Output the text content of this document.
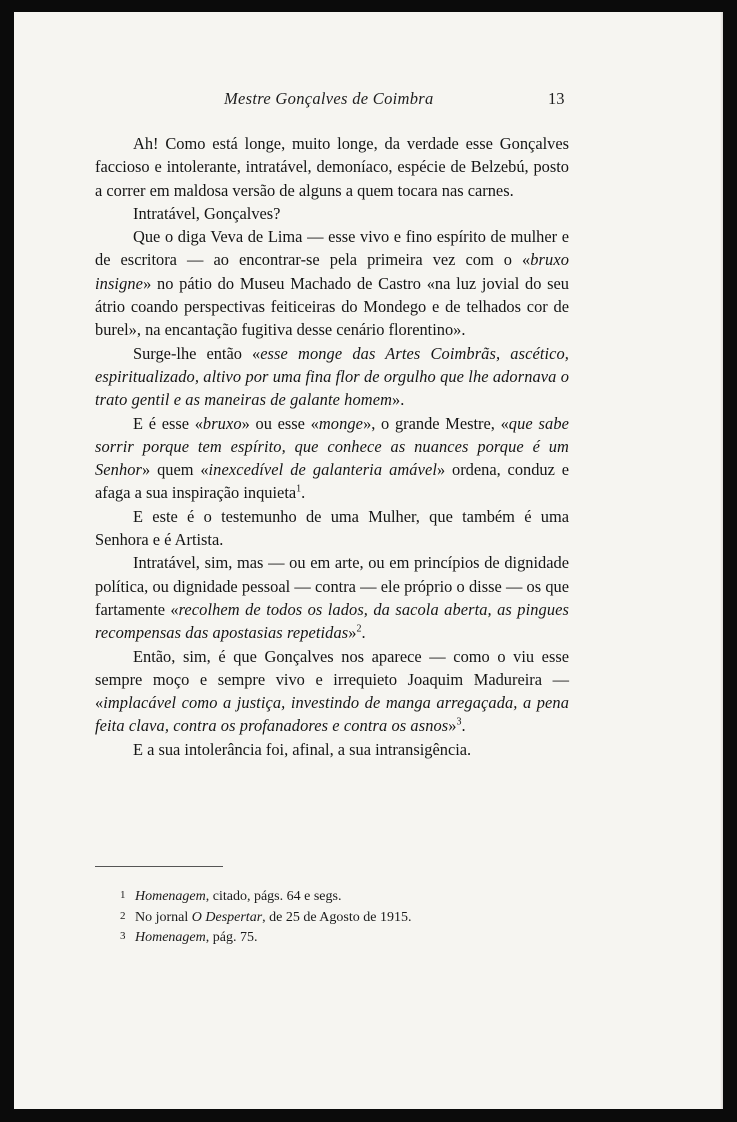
Mestre Gonçalves de Coimbra	13

Ah! Como está longe, muito longe, da verdade esse Gonçalves faccioso e intolerante, intratável, demoníaco, espécie de Belzebú, posto a correr em maldosa versão de alguns a quem tocara nas carnes.

Intratável, Gonçalves?

Que o diga Veva de Lima — esse vivo e fino espírito de mulher e de escritora — ao encontrar-se pela primeira vez com o «bruxo insigne» no pátio do Museu Machado de Castro «na luz jovial do seu átrio coando perspectivas feiticeiras do Mondego e de telhados cor de burel», na encantação fugitiva desse cenário florentino».

Surge-lhe então «esse monge das Artes Coimbrãs, ascético, espiritualizado, altivo por uma fina flor de orgulho que lhe adornava o trato gentil e as maneiras de galante homem».

E é esse «bruxo» ou esse «monge», o grande Mestre, «que sabe sorrir porque tem espírito, que conhece as nuances porque é um Senhor» quem «inexcedível de galanteria amável» ordena, conduz e afaga a sua inspiração inquieta$^1$.

E este é o testemunho de uma Mulher, que também é uma Senhora e é Artista.

Intratável, sim, mas — ou em arte, ou em princípios de dignidade política, ou dignidade pessoal — contra — ele próprio o disse — os que fartamente «recolhem de todos os lados, da sacola aberta, as pingues recompensas das apostasias repetidas»$^2$.

Então, sim, é que Gonçalves nos aparece — como o viu esse sempre moço e sempre vivo e irrequieto Joaquim Madureira — «implacável como a justiça, investindo de manga arregaçada, a pena feita clava, contra os profanadores e contra os asnos»$^3$.

E a sua intolerância foi, afinal, a sua intransigência.

1 Homenagem, citado, págs. 64 e segs.

2 No jornal O Despertar, de 25 de Agosto de 1915.

3 Homenagem, pág. 75.
